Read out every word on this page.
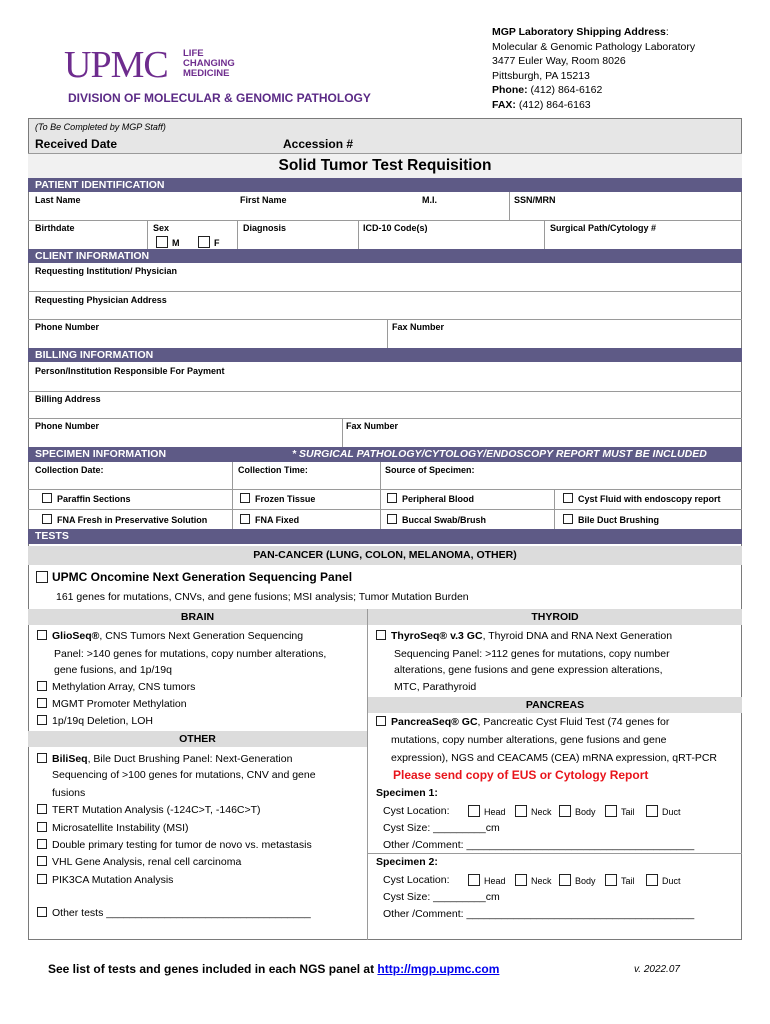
UPMC LIFE
CHANGING
MEDICINE
DIVISION OF MOLECULAR & GENOMIC PATHOLOGY
MGP Laboratory Shipping Address:
Molecular & Genomic Pathology Laboratory
3477 Euler Way, Room 8026
Pittsburgh, PA 15213
Phone: (412) 864-6162
FAX: (412) 864-6163
(To Be Completed by MGP Staff)
Received Date	Accession #
Solid Tumor Test Requisition
PATIENT IDENTIFICATION
Last Name	First Name	M.I.	SSN/MRN
Birthdate	Sex
M	F
Diagnosis	ICD-10 Code(s)	Surgical Path/Cytology #
CLIENT INFORMATION
Requesting Institution/ Physician
Requesting Physician Address
Phone Number	Fax Number
BILLING INFORMATION
Person/Institution Responsible For Payment
Billing Address
Phone Number	Fax Number
SPECIMEN INFORMATION	* SURGICAL PATHOLOGY/CYTOLOGY/ENDOSCOPY REPORT MUST BE INCLUDED
Collection Date:	Collection Time:	Source of Specimen:
Paraffin Sections	Frozen Tissue	Peripheral Blood	Cyst Fluid with endoscopy report
FNA Fresh in Preservative Solution	FNA Fixed	Buccal Swab/Brush	Bile Duct Brushing
TESTS
PAN-CANCER (LUNG, COLON, MELANOMA, OTHER)
UPMC Oncomine Next Generation Sequencing Panel
161 genes for mutations, CNVs, and gene fusions; MSI analysis; Tumor Mutation Burden
BRAIN	THYROID
GlioSeq®, CNS Tumors Next Generation Sequencing
Panel: >140 genes for mutations, copy number alterations,
gene fusions, and 1p/19q
Methylation Array, CNS tumors
MGMT Promoter Methylation
1p/19q Deletion, LOH
OTHER
BiliSeq, Bile Duct Brushing Panel: Next-Generation
Sequencing of >100 genes for mutations, CNV and gene
fusions
TERT Mutation Analysis (-124C>T, -146C>T)
Microsatellite Instability (MSI)
Double primary testing for tumor de novo vs. metastasis
VHL Gene Analysis, renal cell carcinoma
PIK3CA Mutation Analysis
Other tests ___________________________________
ThyroSeq® v.3 GC, Thyroid DNA and RNA Next Generation
Sequencing Panel: >112 genes for mutations, copy number
alterations, gene fusions and gene expression alterations,
MTC, Parathyroid
PANCREAS
PancreaSeq® GC, Pancreatic Cyst Fluid Test (74 genes for
mutations, copy number alterations, gene fusions and gene
expression), NGS and CEACAM5 (CEA) mRNA expression, qRT-PCR
Please send copy of EUS or Cytology Report
Specimen 1:
Cyst Location:	Head	Neck	Body	Tail	Duct
Cyst Size: _________cm
Other /Comment: _______________________________________
Specimen 2:
Cyst Location:	Head	Neck	Body	Tail	Duct
Cyst Size: _________cm
Other /Comment: _______________________________________
See list of tests and genes included in each NGS panel at http://mgp.upmc.com	v. 2022.07
